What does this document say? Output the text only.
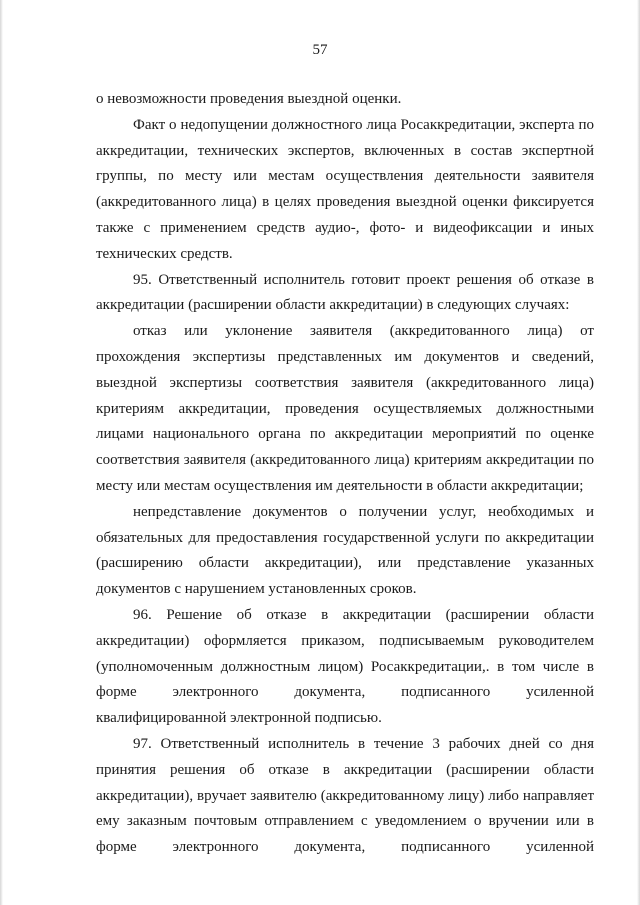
57

о невозможности проведения выездной оценки.

Факт о недопущении должностного лица Росаккредитации, эксперта по аккредитации, технических экспертов, включенных в состав экспертной группы, по месту или местам осуществления деятельности заявителя (аккредитованного лица) в целях проведения выездной оценки фиксируется также с применением средств аудио-, фото- и видеофиксации и иных технических средств.

95. Ответственный исполнитель готовит проект решения об отказе в аккредитации (расширении области аккредитации) в следующих случаях:

отказ или уклонение заявителя (аккредитованного лица) от прохождения экспертизы представленных им документов и сведений, выездной экспертизы соответствия заявителя (аккредитованного лица) критериям аккредитации, проведения осуществляемых должностными лицами национального органа по аккредитации мероприятий по оценке соответствия заявителя (аккредитованного лица) критериям аккредитации по месту или местам осуществления им деятельности в области аккредитации;

непредставление документов о получении услуг, необходимых и обязательных для предоставления государственной услуги по аккредитации (расширению области аккредитации), или представление указанных документов с нарушением установленных сроков.

96. Решение об отказе в аккредитации (расширении области аккредитации) оформляется приказом, подписываемым руководителем (уполномоченным должностным лицом) Росаккредитации,. в том числе в форме электронного документа, подписанного усиленной квалифицированной электронной подписью.

97. Ответственный исполнитель в течение 3 рабочих дней со дня принятия решения об отказе в аккредитации (расширении области аккредитации), вручает заявителю (аккредитованному лицу) либо направляет ему заказным почтовым отправлением с уведомлением о вручении или в форме электронного документа, подписанного усиленной
